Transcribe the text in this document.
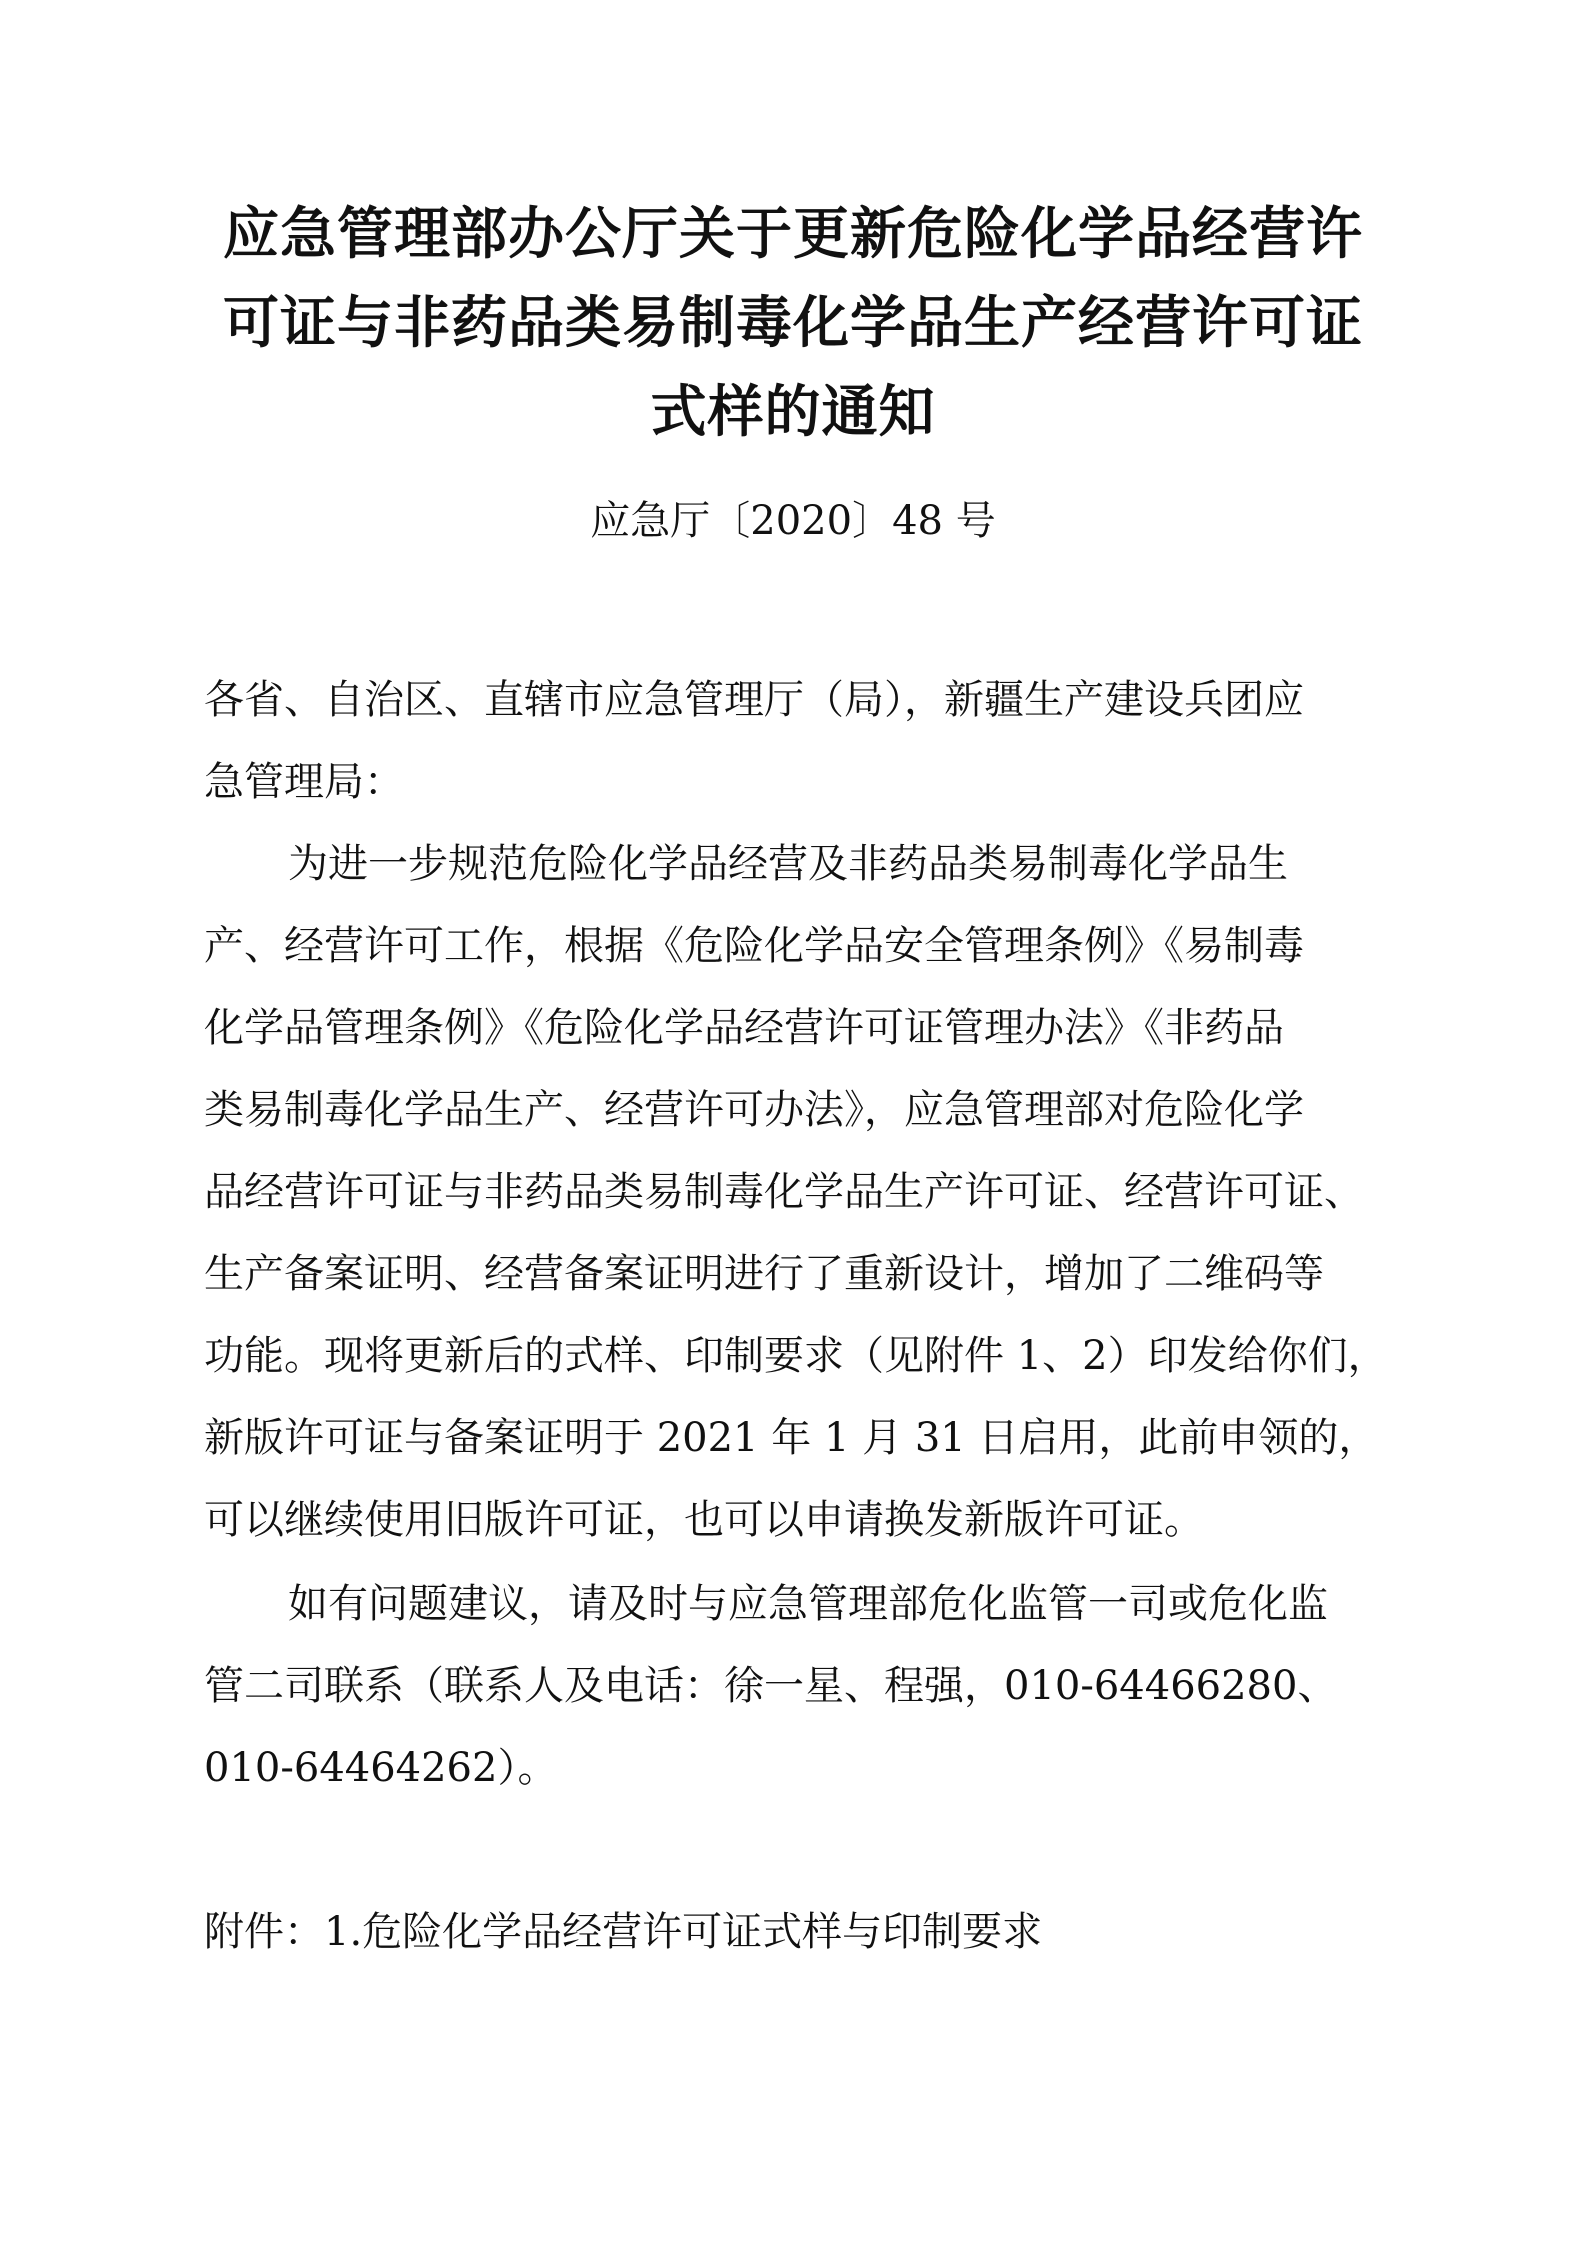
应急管理部办公厅关于更新危险化学品经营许
可证与非药品类易制毒化学品生产经营许可证
式样的通知
应急厅〔2020〕48 号
各省、自治区、直辖市应急管理厅（局），新疆生产建设兵团应
急管理局：
为进一步规范危险化学品经营及非药品类易制毒化学品生
产、经营许可工作，根据《危险化学品安全管理条例》《易制毒
化学品管理条例》《危险化学品经营许可证管理办法》《非药品
类易制毒化学品生产、经营许可办法》，应急管理部对危险化学
品经营许可证与非药品类易制毒化学品生产许可证、经营许可证、
生产备案证明、经营备案证明进行了重新设计，增加了二维码等
功能。现将更新后的式样、印制要求（见附件 1、2）印发给你们，
新版许可证与备案证明于 2021 年 1 月 31 日启用，此前申领的，
可以继续使用旧版许可证，也可以申请换发新版许可证。
如有问题建议，请及时与应急管理部危化监管一司或危化监
管二司联系（联系人及电话：徐一星、程强，010-64466280、
010-64464262）。
附件：1.危险化学品经营许可证式样与印制要求
